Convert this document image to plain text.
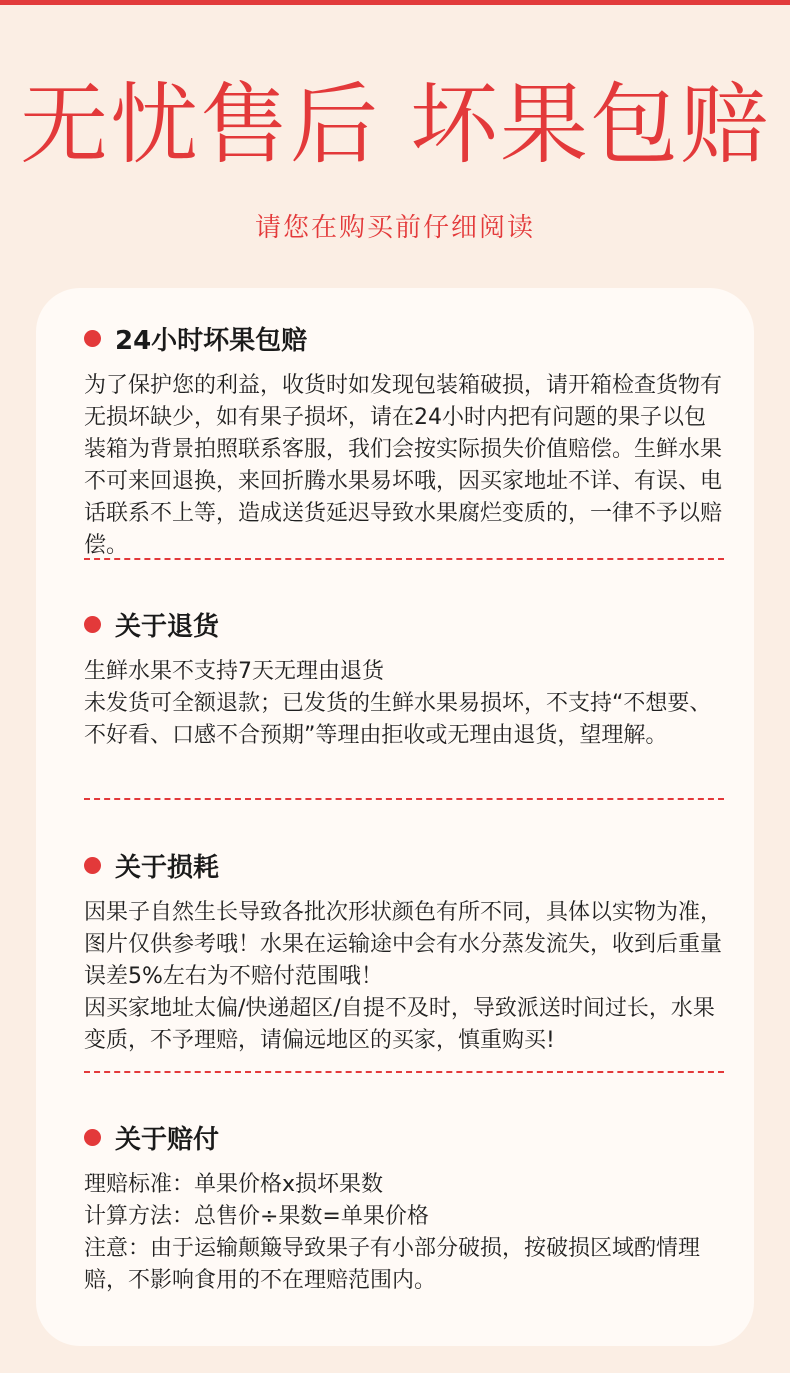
无忧售后 坏果包赔
请您在购买前仔细阅读
24小时坏果包赔

为了保护您的利益，收货时如发现包装箱破损，请开箱检查货物有无损坏缺少，如有果子损坏，请在24小时内把有问题的果子以包装箱为背景拍照联系客服，我们会按实际损失价值赔偿。生鲜水果不可来回退换，来回折腾水果易坏哦，因买家地址不详、有误、电话联系不上等，造成送货延迟导致水果腐烂变质的，一律不予以赔偿。

关于退货

生鲜水果不支持7天无理由退货

未发货可全额退款；已发货的生鲜水果易损坏，不支持“不想要、不好看、口感不合预期”等理由拒收或无理由退货，望理解。

关于损耗

因果子自然生长导致各批次形状颜色有所不同，具体以实物为准，图片仅供参考哦！水果在运输途中会有水分蒸发流失，收到后重量误差5%左右为不赔付范围哦！

因买家地址太偏/快递超区/自提不及时，导致派送时间过长，水果变质，不予理赔，请偏远地区的买家，慎重购买!

关于赔付

理赔标准：单果价格x损坏果数

计算方法：总售价÷果数=单果价格

注意：由于运输颠簸导致果子有小部分破损，按破损区域酌情理赔，不影响食用的不在理赔范围内。
